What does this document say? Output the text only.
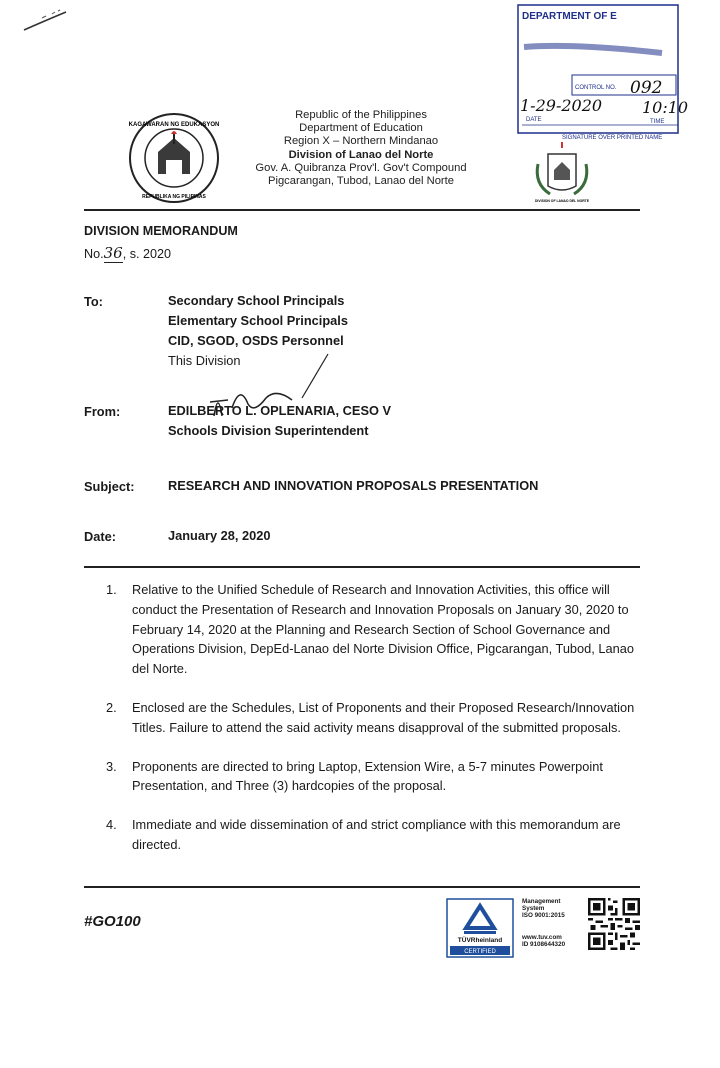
KAGAWARAN NG EDUKASYON
REPUBLIKA NG PILIPINAS
Republic of the Philippines
Department of Education
Region X – Northern Mindanao
Division of Lanao del Norte
Gov. A. Quibranza Prov'l. Gov't Compound
Pigcarangan, Tubod, Lanao del Norte
DEPARTMENT OF E
CONTROL NO. 092
1-29-2020 10:10
DATE	TIME
SIGNATURE OVER PRINTED NAME
DIVISION OF LANAO DEL NORTE
DIVISION MEMORANDUM
No.36, s. 2020
To:	Secondary School Principals
Elementary School Principals
CID, SGOD, OSDS Personnel
This Division
From:	EDILBERTO L. OPLENARIA, CESO V
Schools Division Superintendent
Subject:	RESEARCH AND INNOVATION PROPOSALS PRESENTATION
Date:	January 28, 2020
1.	Relative to the Unified Schedule of Research and Innovation Activities, this office will conduct the Presentation of Research and Innovation Proposals on January 30, 2020 to February 14, 2020 at the Planning and Research Section of School Governance and Operations Division, DepEd-Lanao del Norte Division Office, Pigcarangan, Tubod, Lanao del Norte.
2.	Enclosed are the Schedules, List of Proponents and their Proposed Research/Innovation Titles. Failure to attend the said activity means disapproval of the submitted proposals.
3.	Proponents are directed to bring Laptop, Extension Wire, a 5-7 minutes Powerpoint Presentation, and Three (3) hardcopies of the proposal.
4.	Immediate and wide dissemination of and strict compliance with this memorandum are directed.
#GO100
TÜVRheinland
CERTIFIED
Management
System
ISO 9001:2015
www.tuv.com
ID 9108644320
